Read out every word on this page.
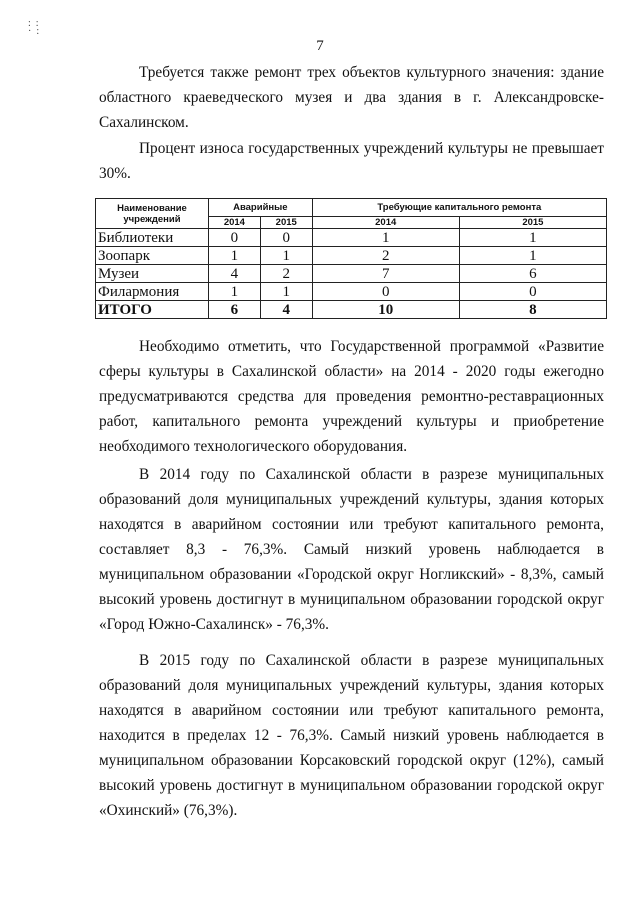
:  :
·  :
7

Требуется также ремонт трех объектов культурного значения: здание областного краеведческого музея и два здания в г. Александровске-Сахалинском.

Процент износа государственных учреждений культуры не превышает 30%.

Наименование учреждений	Аварийные		Требующие капитального ремонта	
	2014	2015	2014	2015
Библиотеки	0	0	1	1
Зоопарк	1	1	2	1
Музеи	4	2	7	6
Филармония	1	1	0	0
ИТОГО	6	4	10	8

Необходимо отметить, что Государственной программой «Развитие сферы культуры в Сахалинской области» на 2014 - 2020 годы ежегодно предусматриваются средства для проведения ремонтно-реставрационных работ, капитального ремонта учреждений культуры и приобретение необходимого технологического оборудования.

В 2014 году по Сахалинской области в разрезе муниципальных образований доля муниципальных учреждений культуры, здания которых находятся в аварийном состоянии или требуют капитального ремонта, составляет 8,3 - 76,3%. Самый низкий уровень наблюдается в муниципальном образовании «Городской округ Ногликский» - 8,3%, самый высокий уровень достигнут в муниципальном образовании городской округ «Город Южно-Сахалинск» - 76,3%.

В 2015 году по Сахалинской области в разрезе муниципальных образований доля муниципальных учреждений культуры, здания которых находятся в аварийном состоянии или требуют капитального ремонта, находится в пределах 12 - 76,3%. Самый низкий уровень наблюдается в муниципальном образовании Корсаковский городской округ (12%), самый высокий уровень достигнут в муниципальном образовании городской округ «Охинский» (76,3%).
